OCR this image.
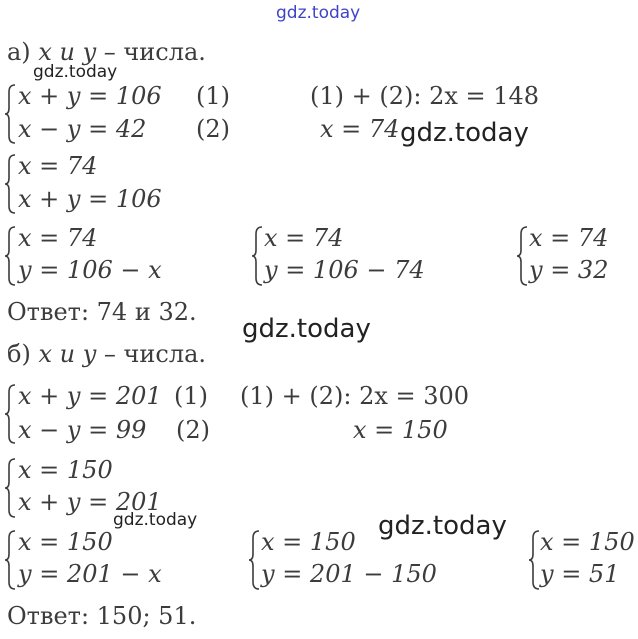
gdz.today
gdz.today
gdz.today
gdz.today
gdz.today	gdz.today
а) x и y – числа.
x + y = 106
x − y = 42
(1)
(2)
(1) + (2): 2x = 148
x = 74
x = 74
x + y = 106
x = 74
y = 106 − x
x = 74
y = 106 − 74
x = 74
y = 32
Ответ: 74 и 32.
б) x и y – числа.
x + y = 201
x − y = 99
(1)
(2)
(1) + (2): 2x = 300
x = 150
x = 150
x + y = 201
x = 150
y = 201 − x
x = 150
y = 201 − 150
x = 150
y = 51
Ответ: 150; 51.
